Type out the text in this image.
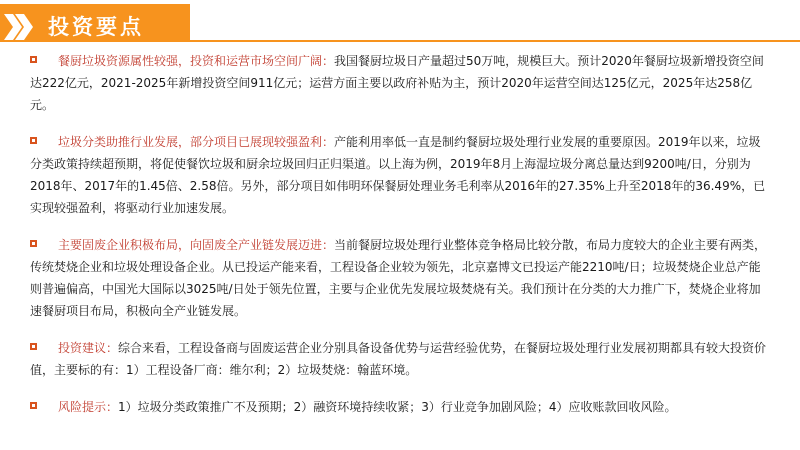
投资要点

餐厨垃圾资源属性较强，投资和运营市场空间广阔：我国餐厨垃圾日产量超过50万吨，规模巨大。预计2020年餐厨垃圾新增投资空间达222亿元，2021-2025年新增投资空间911亿元；运营方面主要以政府补贴为主，预计2020年运营空间达125亿元，2025年达258亿元。

垃圾分类助推行业发展，部分项目已展现较强盈利：产能利用率低一直是制约餐厨垃圾处理行业发展的重要原因。2019年以来，垃圾分类政策持续超预期，将促使餐饮垃圾和厨余垃圾回归正归渠道。以上海为例，2019年8月上海湿垃圾分离总量达到9200吨/日，分别为2018年、2017年的1.45倍、2.58倍。另外，部分项目如伟明环保餐厨处理业务毛利率从2016年的27.35%上升至2018年的36.49%，已实现较强盈利，将驱动行业加速发展。

主要固废企业积极布局，向固废全产业链发展迈进：当前餐厨垃圾处理行业整体竞争格局比较分散，布局力度较大的企业主要有两类，传统焚烧企业和垃圾处理设备企业。从已投运产能来看，工程设备企业较为领先，北京嘉博文已投运产能2210吨/日；垃圾焚烧企业总产能则普遍偏高，中国光大国际以3025吨/日处于领先位置，主要与企业优先发展垃圾焚烧有关。我们预计在分类的大力推广下，焚烧企业将加速餐厨项目布局，积极向全产业链发展。

投资建议：综合来看，工程设备商与固废运营企业分别具备设备优势与运营经验优势，在餐厨垃圾处理行业发展初期都具有较大投资价值，主要标的有：1）工程设备厂商：维尔利；2）垃圾焚烧：翰蓝环境。

风险提示：1）垃圾分类政策推广不及预期；2）融资环境持续收紧；3）行业竞争加剧风险；4）应收账款回收风险。
